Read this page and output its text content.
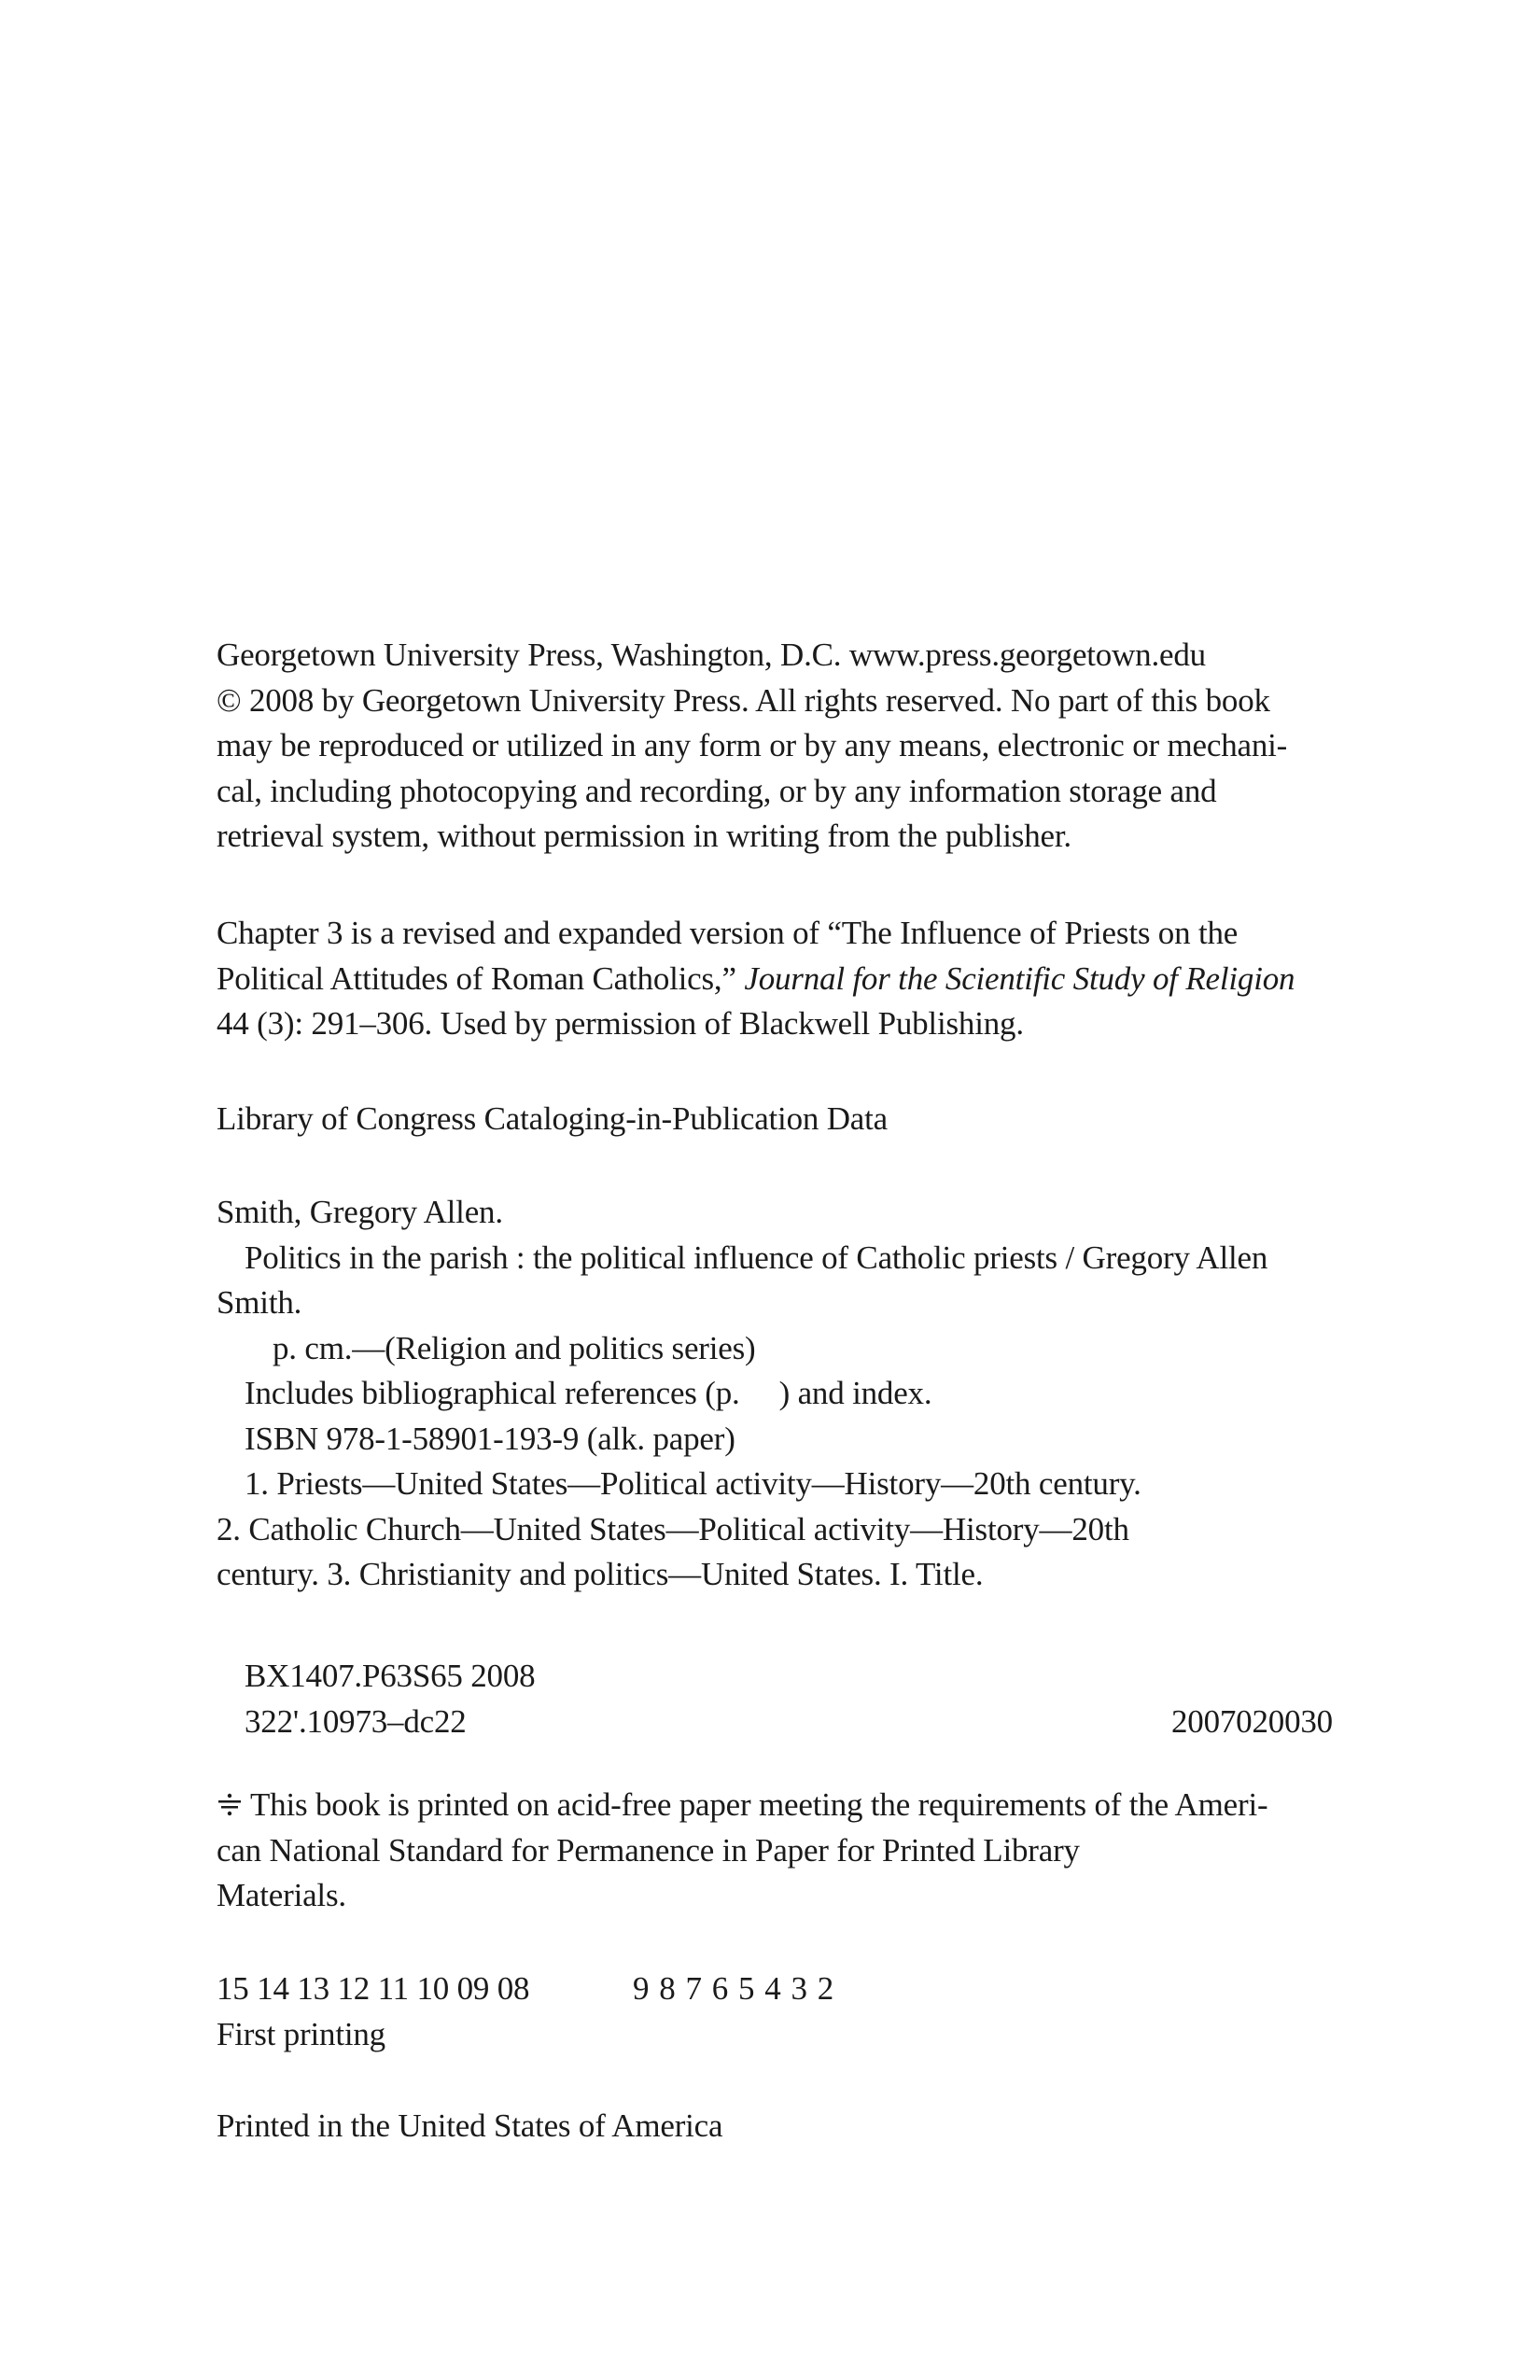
Georgetown University Press, Washington, D.C. www.press.georgetown.edu
© 2008 by Georgetown University Press. All rights reserved. No part of this book
may be reproduced or utilized in any form or by any means, electronic or mechani-
cal, including photocopying and recording, or by any information storage and
retrieval system, without permission in writing from the publisher.
Chapter 3 is a revised and expanded version of “The Influence of Priests on the
Political Attitudes of Roman Catholics,” Journal for the Scientific Study of Religion
44 (3): 291–306. Used by permission of Blackwell Publishing.
Library of Congress Cataloging-in-Publication Data
Smith, Gregory Allen.
Politics in the parish : the political influence of Catholic priests / Gregory Allen
Smith.
p. cm.—(Religion and politics series)
Includes bibliographical references (p. ) and index.
ISBN 978-1-58901-193-9 (alk. paper)
1. Priests—United States—Political activity—History—20th century.
2. Catholic Church—United States—Political activity—History—20th
century. 3. Christianity and politics—United States. I. Title.
BX1407.P63S65 2008
322'.10973–dc22	2007020030
This book is printed on acid-free paper meeting the requirements of the Ameri-
can National Standard for Permanence in Paper for Printed Library
Materials.
15 14 13 12 11 10 09 08	9 8 7 6 5 4 3 2
First printing
Printed in the United States of America
